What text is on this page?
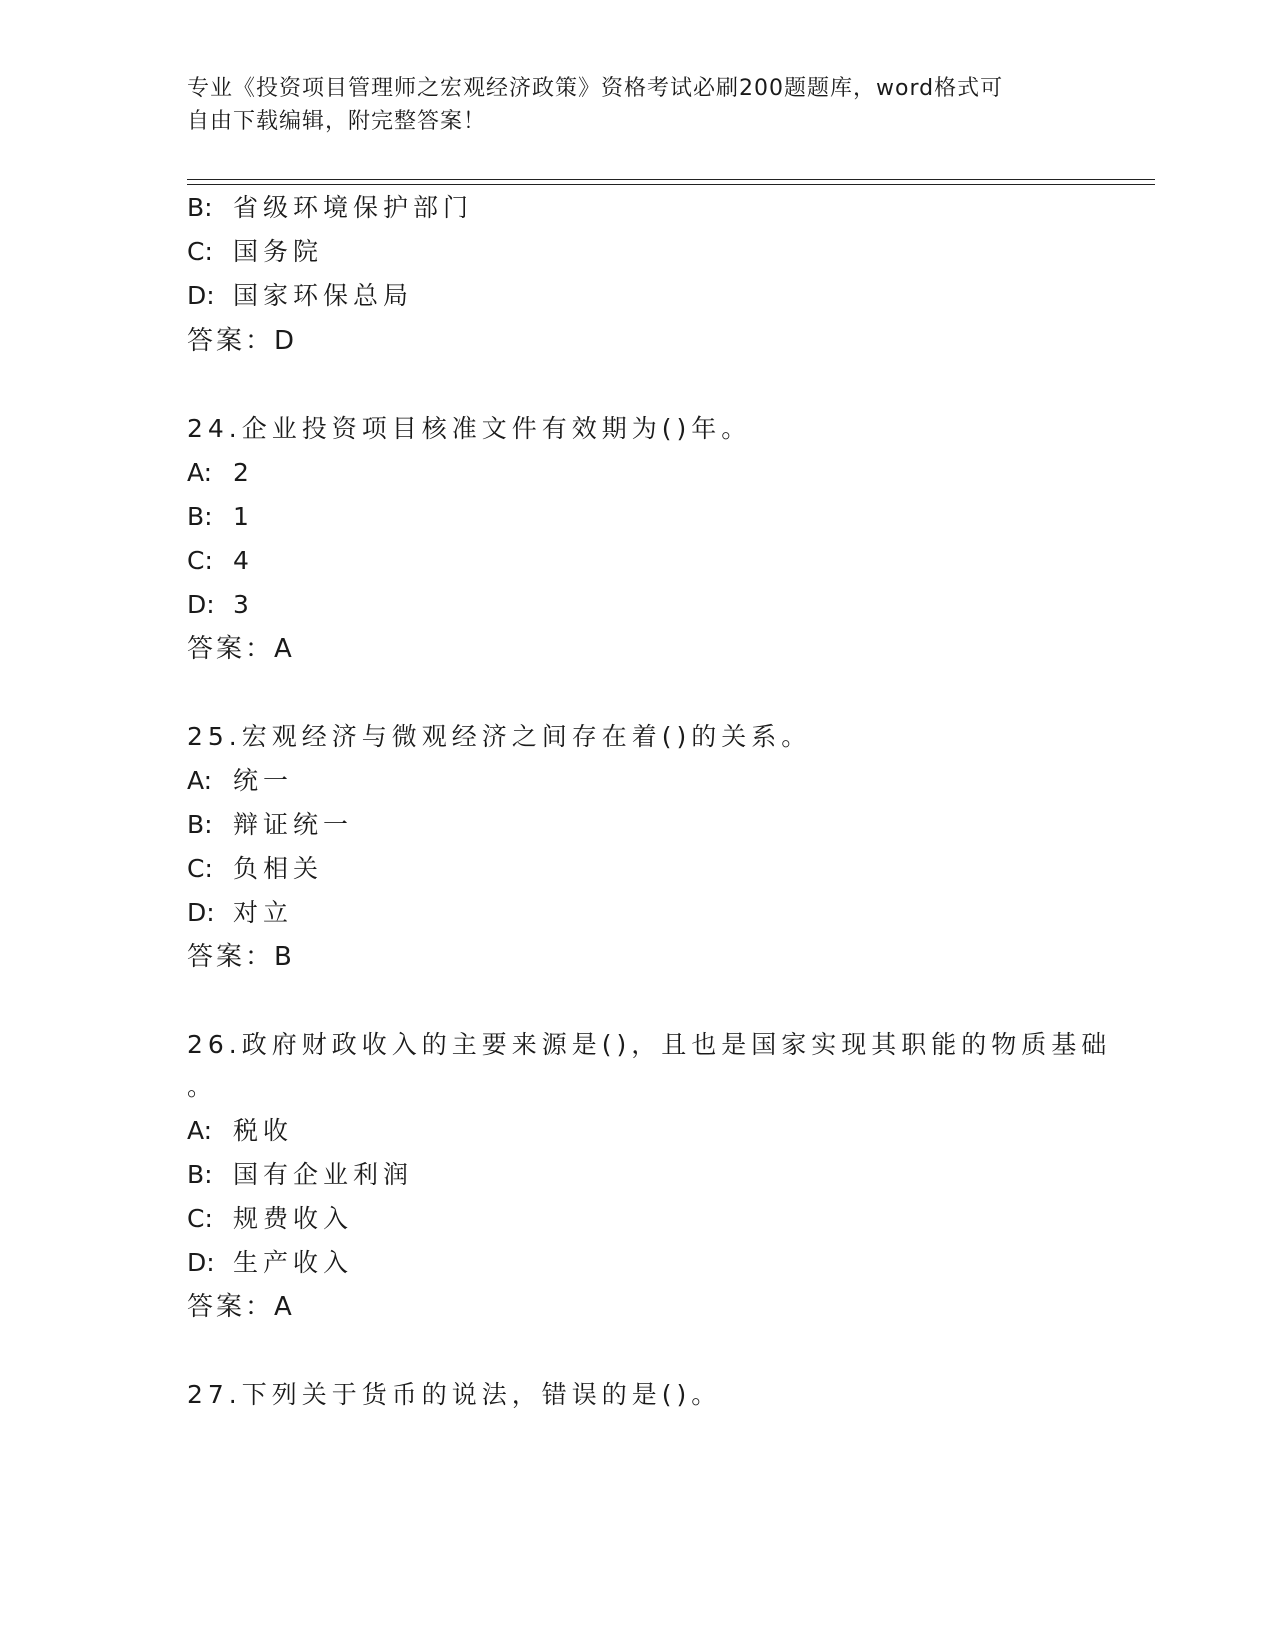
专业《投资项目管理师之宏观经济政策》资格考试必刷200题题库，word格式可
自由下载编辑，附完整答案！
B: 省级环境保护部门
C: 国务院
D: 国家环保总局
答案：D
24.企业投资项目核准文件有效期为()年。
A: 2
B: 1
C: 4
D: 3
答案：A
25.宏观经济与微观经济之间存在着()的关系。
A: 统一
B: 辩证统一
C: 负相关
D: 对立
答案：B
26.政府财政收入的主要来源是()，且也是国家实现其职能的物质基础
。
A: 税收
B: 国有企业利润
C: 规费收入
D: 生产收入
答案：A
27.下列关于货币的说法，错误的是()。
